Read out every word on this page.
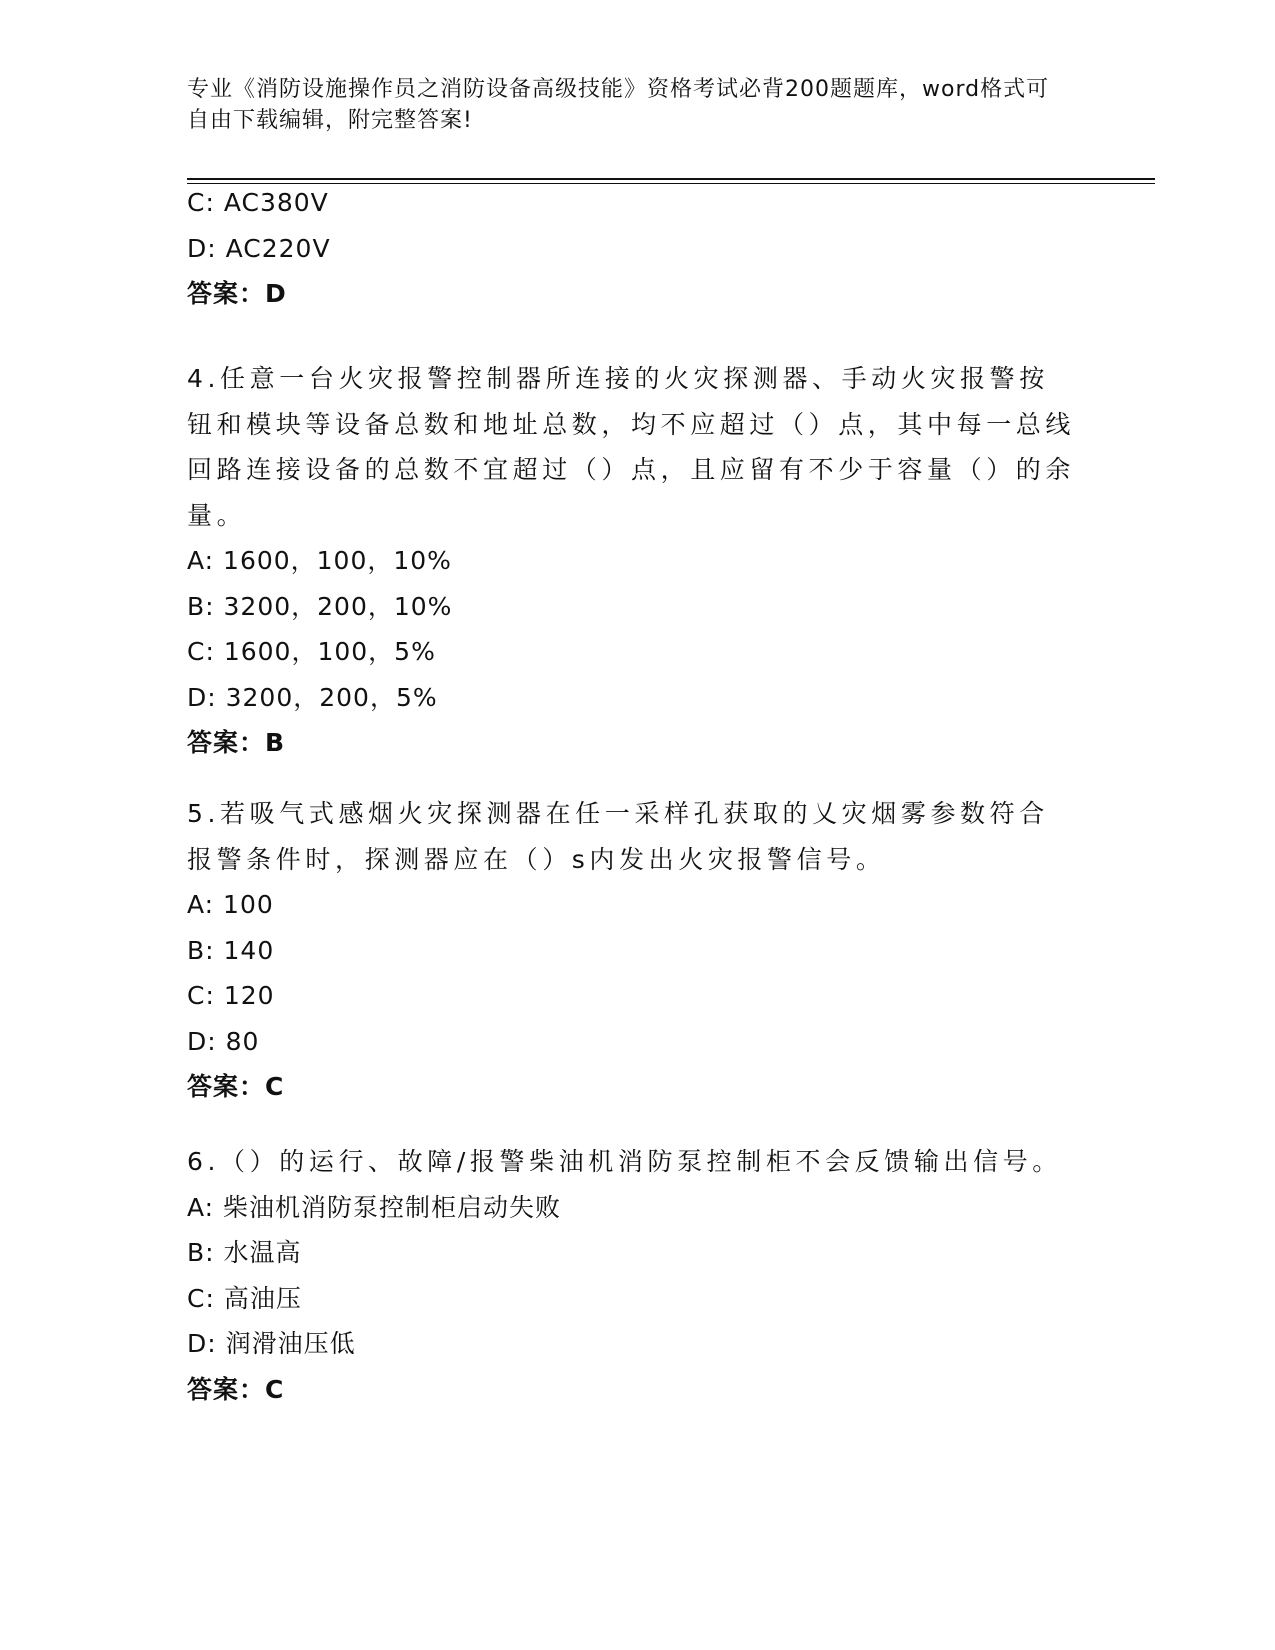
专业《消防设施操作员之消防设备高级技能》资格考试必背200题题库，word格式可自由下载编辑，附完整答案!
C: AC380V
D: AC220V
答案：D
4.任意一台火灾报警控制器所连接的火灾探测器、手动火灾报警按钮和模块等设备总数和地址总数，均不应超过（）点，其中每一总线回路连接设备的总数不宜超过（）点，且应留有不少于容量（）的余量。
A: 1600，100，10%
B: 3200，200，10%
C: 1600，100，5%
D: 3200，200，5%
答案：B
5.若吸气式感烟火灾探测器在任一采样孔获取的乂灾烟雾参数符合报警条件时，探测器应在（）s内发出火灾报警信号。
A: 100
B: 140
C: 120
D: 80
答案：C
6.（）的运行、故障/报警柴油机消防泵控制柜不会反馈输出信号。
A: 柴油机消防泵控制柜启动失败
B: 水温高
C: 高油压
D: 润滑油压低
答案：C
